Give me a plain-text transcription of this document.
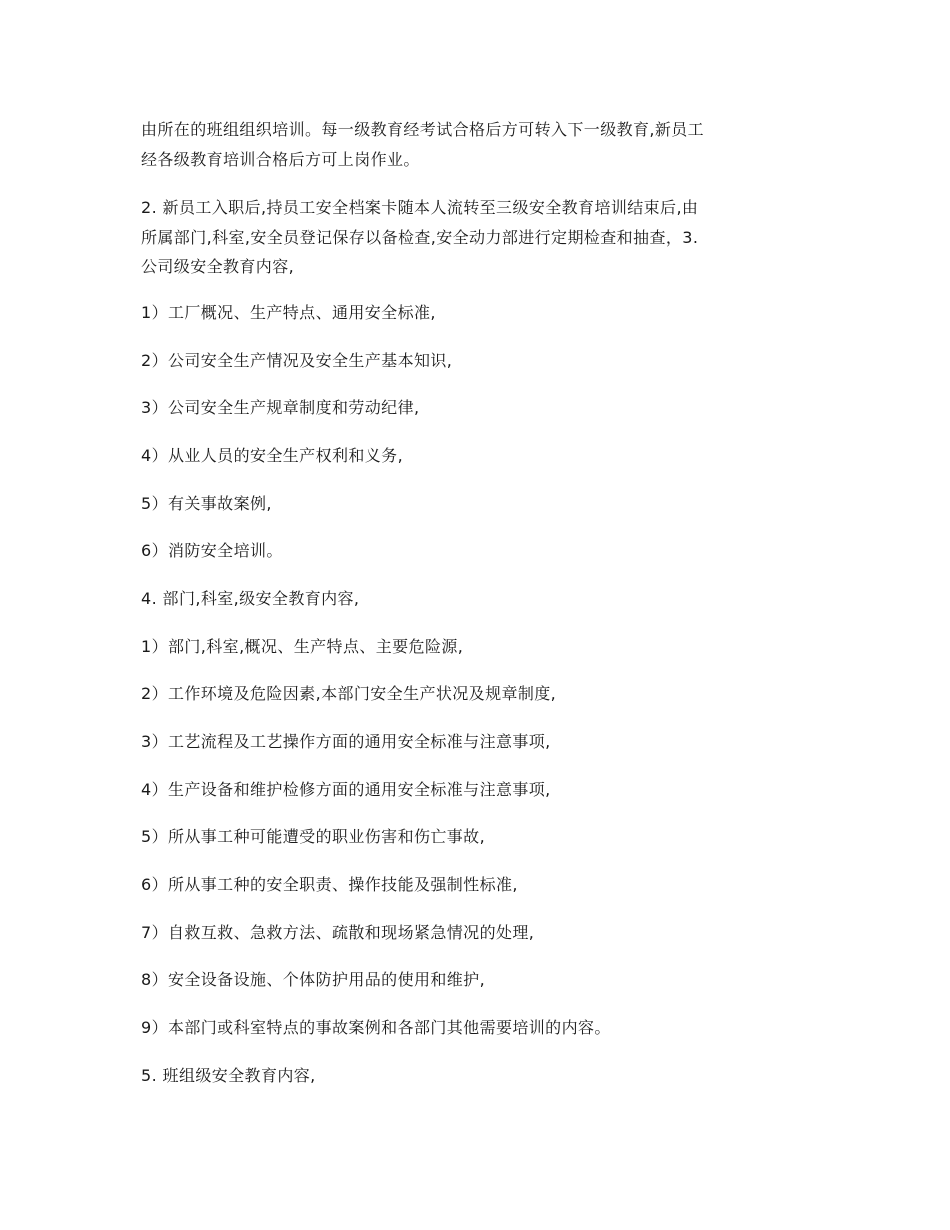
由所在的班组组织培训。每一级教育经考试合格后方可转入下一级教育,新员工
经各级教育培训合格后方可上岗作业。
2. 新员工入职后,持员工安全档案卡随本人流转至三级安全教育培训结束后,由
所属部门,科室,安全员登记保存以备检查,安全动力部进行定期检查和抽查，3.
公司级安全教育内容,
1）工厂概况、生产特点、通用安全标准,
2）公司安全生产情况及安全生产基本知识,
3）公司安全生产规章制度和劳动纪律,
4）从业人员的安全生产权利和义务,
5）有关事故案例,
6）消防安全培训。
4. 部门,科室,级安全教育内容,
1）部门,科室,概况、生产特点、主要危险源,
2）工作环境及危险因素,本部门安全生产状况及规章制度,
3）工艺流程及工艺操作方面的通用安全标准与注意事项,
4）生产设备和维护检修方面的通用安全标准与注意事项,
5）所从事工种可能遭受的职业伤害和伤亡事故,
6）所从事工种的安全职责、操作技能及强制性标准,
7）自救互救、急救方法、疏散和现场紧急情况的处理,
8）安全设备设施、个体防护用品的使用和维护,
9）本部门或科室特点的事故案例和各部门其他需要培训的内容。
5. 班组级安全教育内容,
